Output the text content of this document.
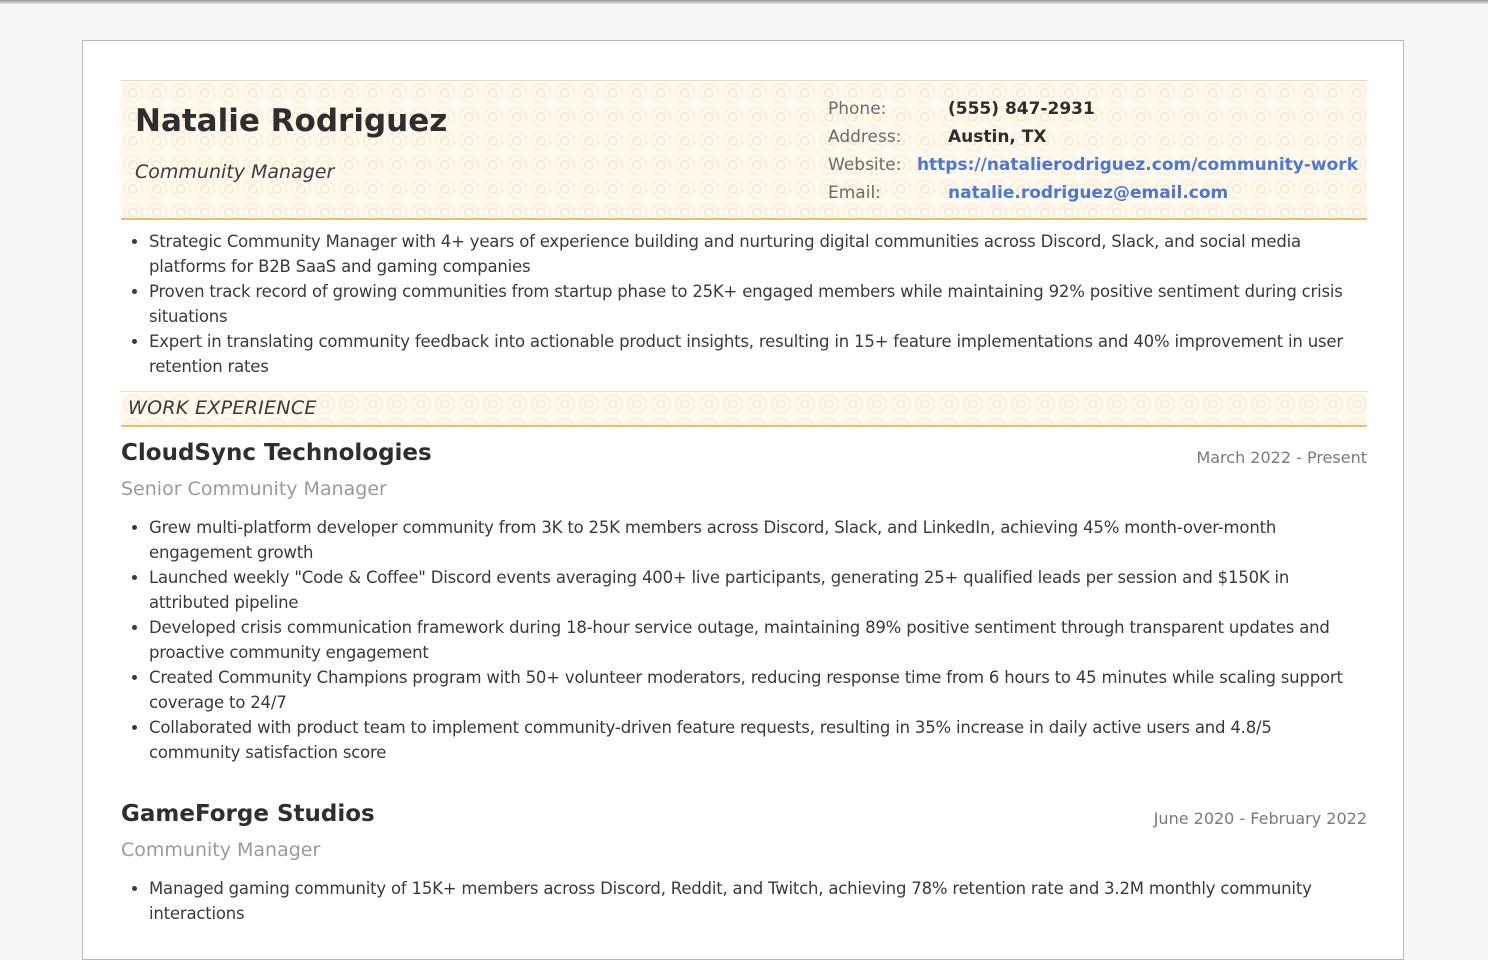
Natalie Rodriguez
Community Manager
Phone:	(555) 847-2931
Address:	Austin, TX
Website: https://natalierodriguez.com/community-work
Email:	natalie.rodriguez@email.com
• Strategic Community Manager with 4+ years of experience building and nurturing digital communities across Discord, Slack, and social media platforms for B2B SaaS and gaming companies
• Proven track record of growing communities from startup phase to 25K+ engaged members while maintaining 92% positive sentiment during crisis situations
• Expert in translating community feedback into actionable product insights, resulting in 15+ feature implementations and 40% improvement in user retention rates
WORK EXPERIENCE
CloudSync Technologies	March 2022 - Present
Senior Community Manager
• Grew multi-platform developer community from 3K to 25K members across Discord, Slack, and LinkedIn, achieving 45% month-over-month engagement growth
• Launched weekly "Code & Coffee" Discord events averaging 400+ live participants, generating 25+ qualified leads per session and $150K in attributed pipeline
• Developed crisis communication framework during 18-hour service outage, maintaining 89% positive sentiment through transparent updates and proactive community engagement
• Created Community Champions program with 50+ volunteer moderators, reducing response time from 6 hours to 45 minutes while scaling support coverage to 24/7
• Collaborated with product team to implement community-driven feature requests, resulting in 35% increase in daily active users and 4.8/5 community satisfaction score
GameForge Studios	June 2020 - February 2022
Community Manager
• Managed gaming community of 15K+ members across Discord, Reddit, and Twitch, achieving 78% retention rate and 3.2M monthly community interactions
